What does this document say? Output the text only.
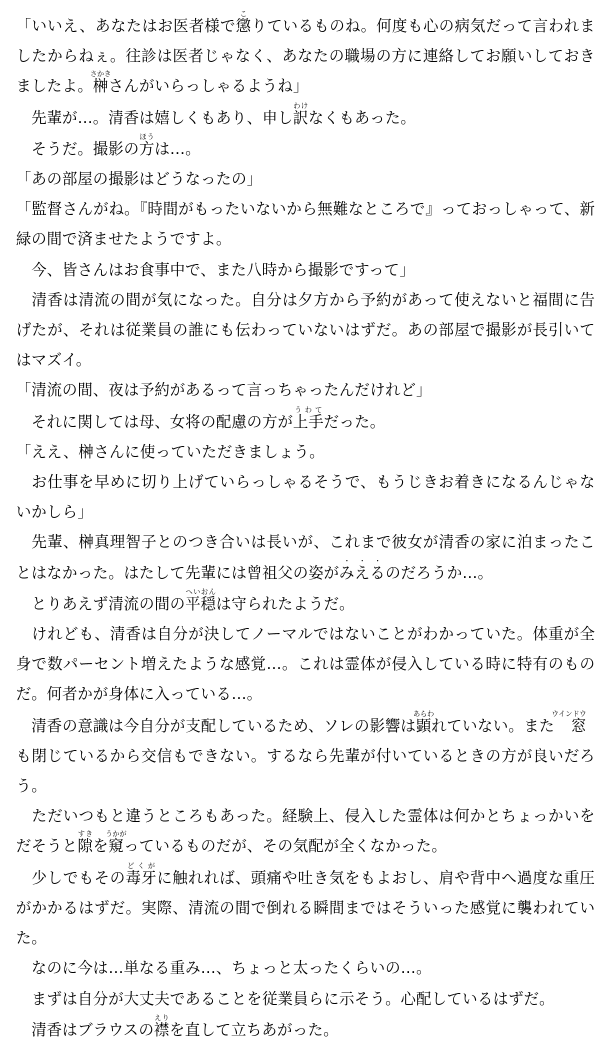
「いいえ、あなたはお医者様で懲こりているものね。何度も心の病気だって言われましたからねぇ。往診は医者じゃなく、あなたの職場の方に連絡してお願いしておきましたよ。榊さかきさんがいらっしゃるようね」

　先輩が…。清香は嬉しくもあり、申し訳わけなくもあった。

　そうだ。撮影の方ほうは…。

「あの部屋の撮影はどうなったの」

「監督さんがね。『時間がもったいないから無難なところで』っておっしゃって、新緑の間で済ませたようですよ。

　今、皆さんはお食事中で、また八時から撮影ですって」

　清香は清流の間が気になった。自分は夕方から予約があって使えないと福間に告げたが、それは従業員の誰にも伝わっていないはずだ。あの部屋で撮影が長引いてはマズイ。

「清流の間、夜は予約があるって言っちゃったんだけれど」

　それに関しては母、女将の配慮の方が上手うわてだった。

「ええ、榊さんに使っていただきましょう。

　お仕事を早めに切り上げていらっしゃるそうで、もうじきお着きになるんじゃないかしら」

　先輩、榊真理智子とのつき合いは長いが、これまで彼女が清香の家に泊まったことはなかった。はたして先輩には曾祖父の姿がみえる・・・のだろうか…。

　とりあえず清流の間の平穏へいおんは守られたようだ。

　けれども、清香は自分が決してノーマルではないことがわかっていた。体重が全身で数パーセント増えたような感覚…。これは霊体が侵入している時に特有のものだ。何者かが身体に入っている…。

　清香の意識は今自分が支配しているため、ソレの影響は顕あらわれていない。また窓ウインドウも閉じているから交信もできない。するなら先輩が付いているときの方が良いだろう。

　ただいつもと違うところもあった。経験上、侵入した霊体は何かとちょっかいをだそうと隙すきを窺うかがっているものだが、その気配が全くなかった。

　少しでもその毒牙どくがに触れれば、頭痛や吐き気をもよおし、肩や背中へ過度な重圧がかかるはずだ。実際、清流の間で倒れる瞬間まではそういった感覚に襲われていた。

　なのに今は…単なる重み…、ちょっと太ったくらいの…。

　まずは自分が大丈夫であることを従業員らに示そう。心配しているはずだ。

　清香はブラウスの襟えりを直して立ちあがった。
